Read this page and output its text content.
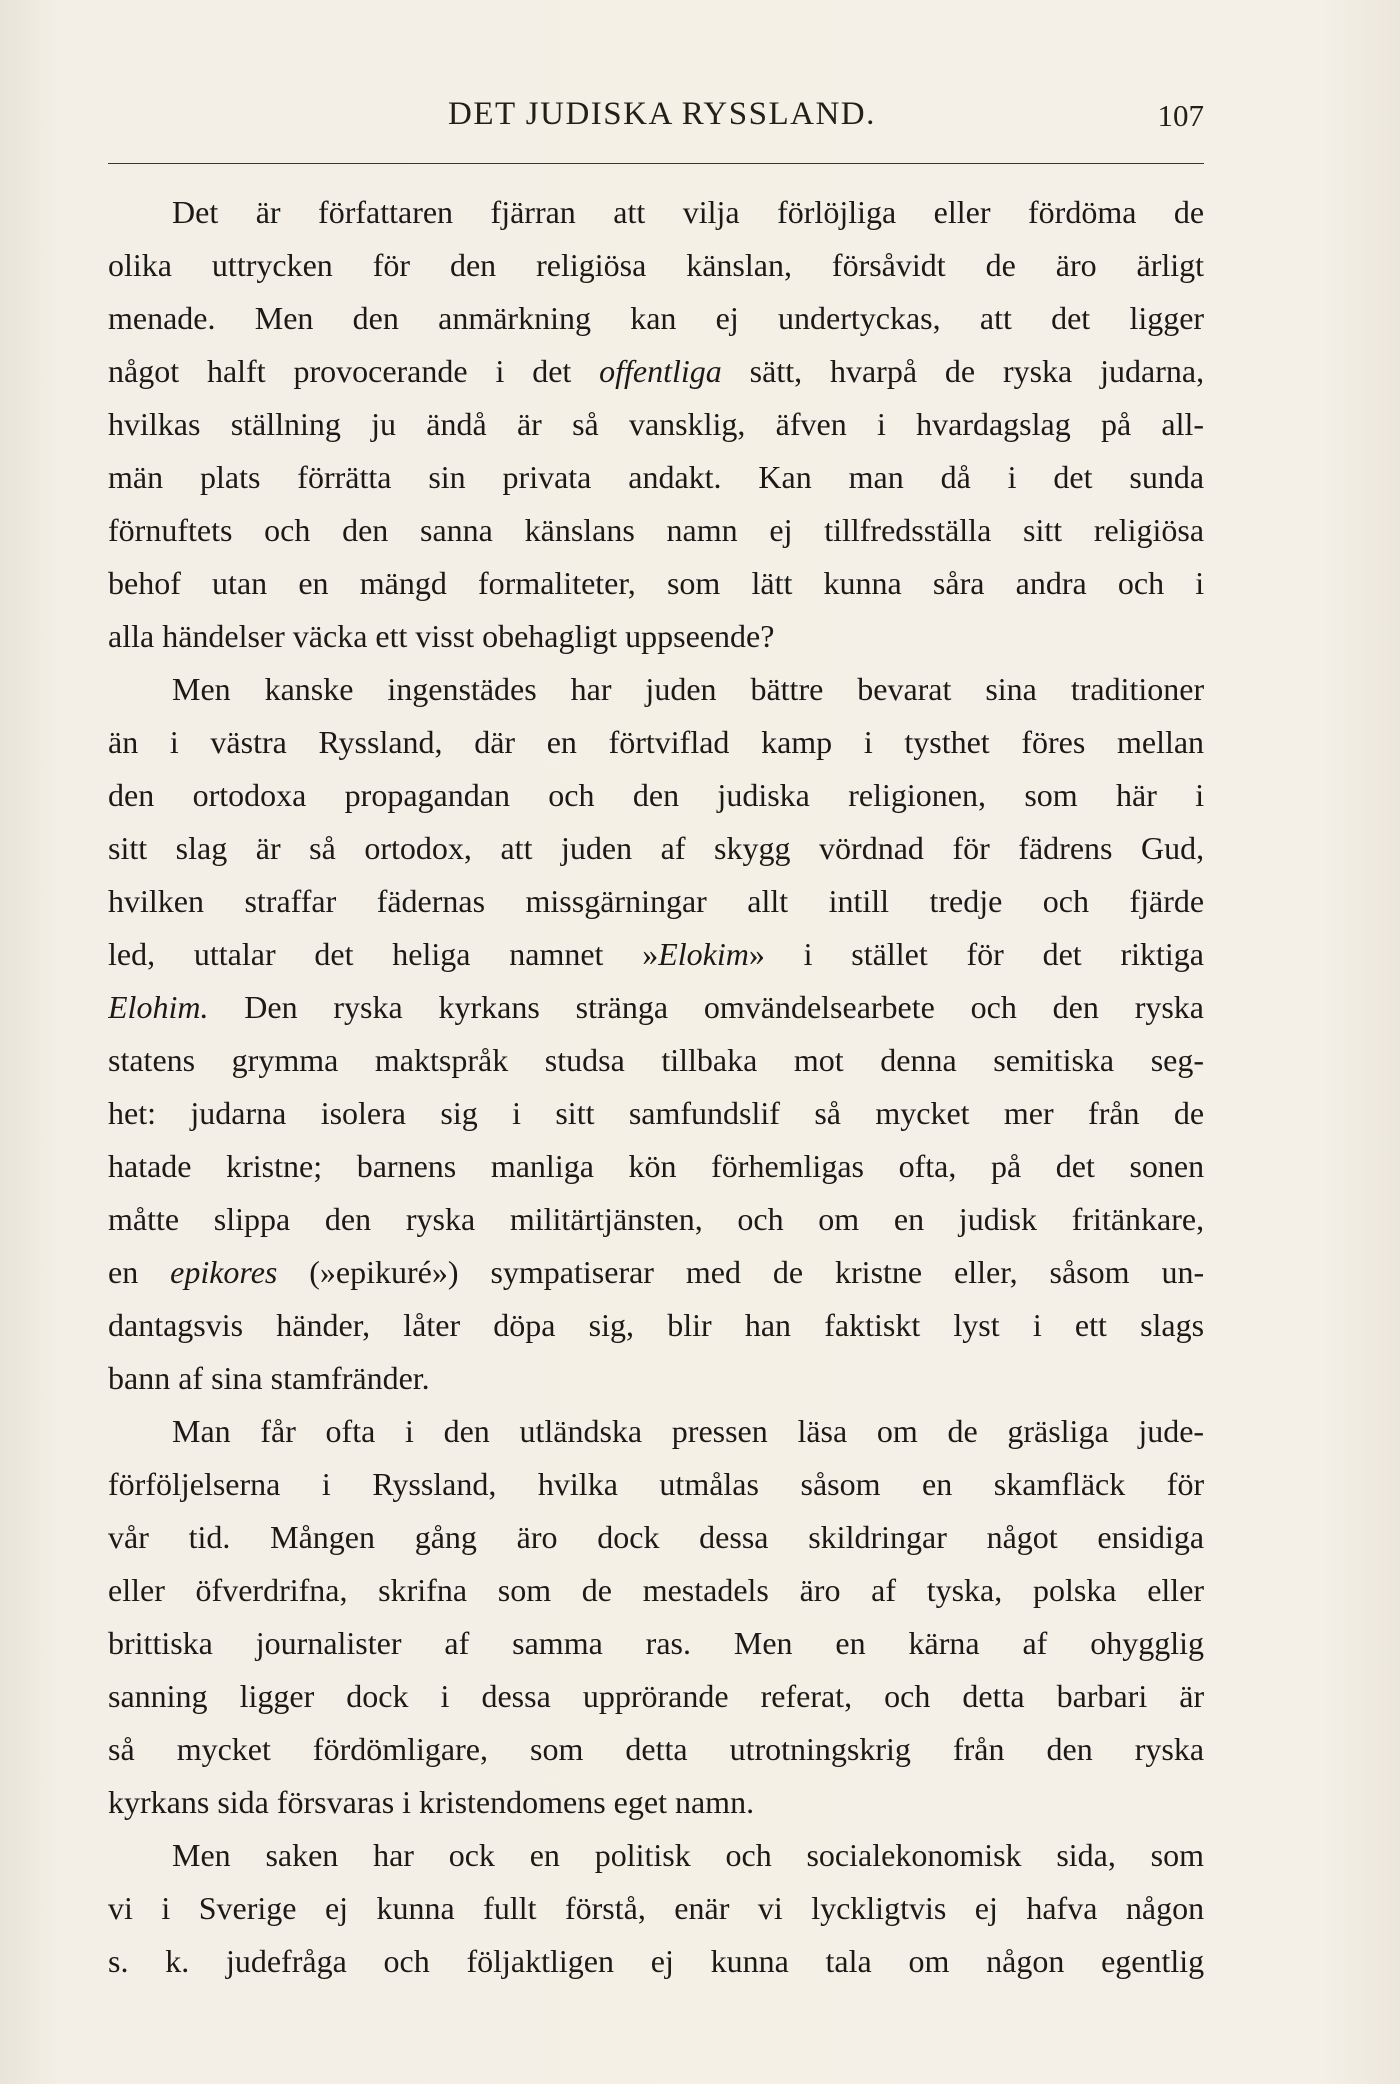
DET JUDISKA RYSSLAND.	107
Det är författaren fjärran att vilja förlöjliga eller fördöma de
olika uttrycken för den religiösa känslan, försåvidt de äro ärligt
menade. Men den anmärkning kan ej undertyckas, att det ligger
något halft provocerande i det offentliga sätt, hvarpå de ryska judarna,
hvilkas ställning ju ändå är så vansklig, äfven i hvardagslag på all-
män plats förrätta sin privata andakt. Kan man då i det sunda
förnuftets och den sanna känslans namn ej tillfredsställa sitt religiösa
behof utan en mängd formaliteter, som lätt kunna såra andra och i
alla händelser väcka ett visst obehagligt uppseende?
Men kanske ingenstädes har juden bättre bevarat sina traditioner
än i västra Ryssland, där en förtviflad kamp i tysthet föres mellan
den ortodoxa propagandan och den judiska religionen, som här i
sitt slag är så ortodox, att juden af skygg vördnad för fädrens Gud,
hvilken straffar fädernas missgärningar allt intill tredje och fjärde
led, uttalar det heliga namnet »Elokim» i stället för det riktiga
Elohim. Den ryska kyrkans stränga omvändelsearbete och den ryska
statens grymma maktspråk studsa tillbaka mot denna semitiska seg-
het: judarna isolera sig i sitt samfundslif så mycket mer från de
hatade kristne; barnens manliga kön förhemligas ofta, på det sonen
måtte slippa den ryska militärtjänsten, och om en judisk fritänkare,
en epikores (»epikuré») sympatiserar med de kristne eller, såsom un-
dantagsvis händer, låter döpa sig, blir han faktiskt lyst i ett slags
bann af sina stamfränder.
Man får ofta i den utländska pressen läsa om de gräsliga jude-
förföljelserna i Ryssland, hvilka utmålas såsom en skamfläck för
vår tid. Mången gång äro dock dessa skildringar något ensidiga
eller öfverdrifna, skrifna som de mestadels äro af tyska, polska eller
brittiska journalister af samma ras. Men en kärna af ohygglig
sanning ligger dock i dessa upprörande referat, och detta barbari är
så mycket fördömligare, som detta utrotningskrig från den ryska
kyrkans sida försvaras i kristendomens eget namn.
Men saken har ock en politisk och socialekonomisk sida, som
vi i Sverige ej kunna fullt förstå, enär vi lyckligtvis ej hafva någon
s. k. judefråga och följaktligen ej kunna tala om någon egentlig
